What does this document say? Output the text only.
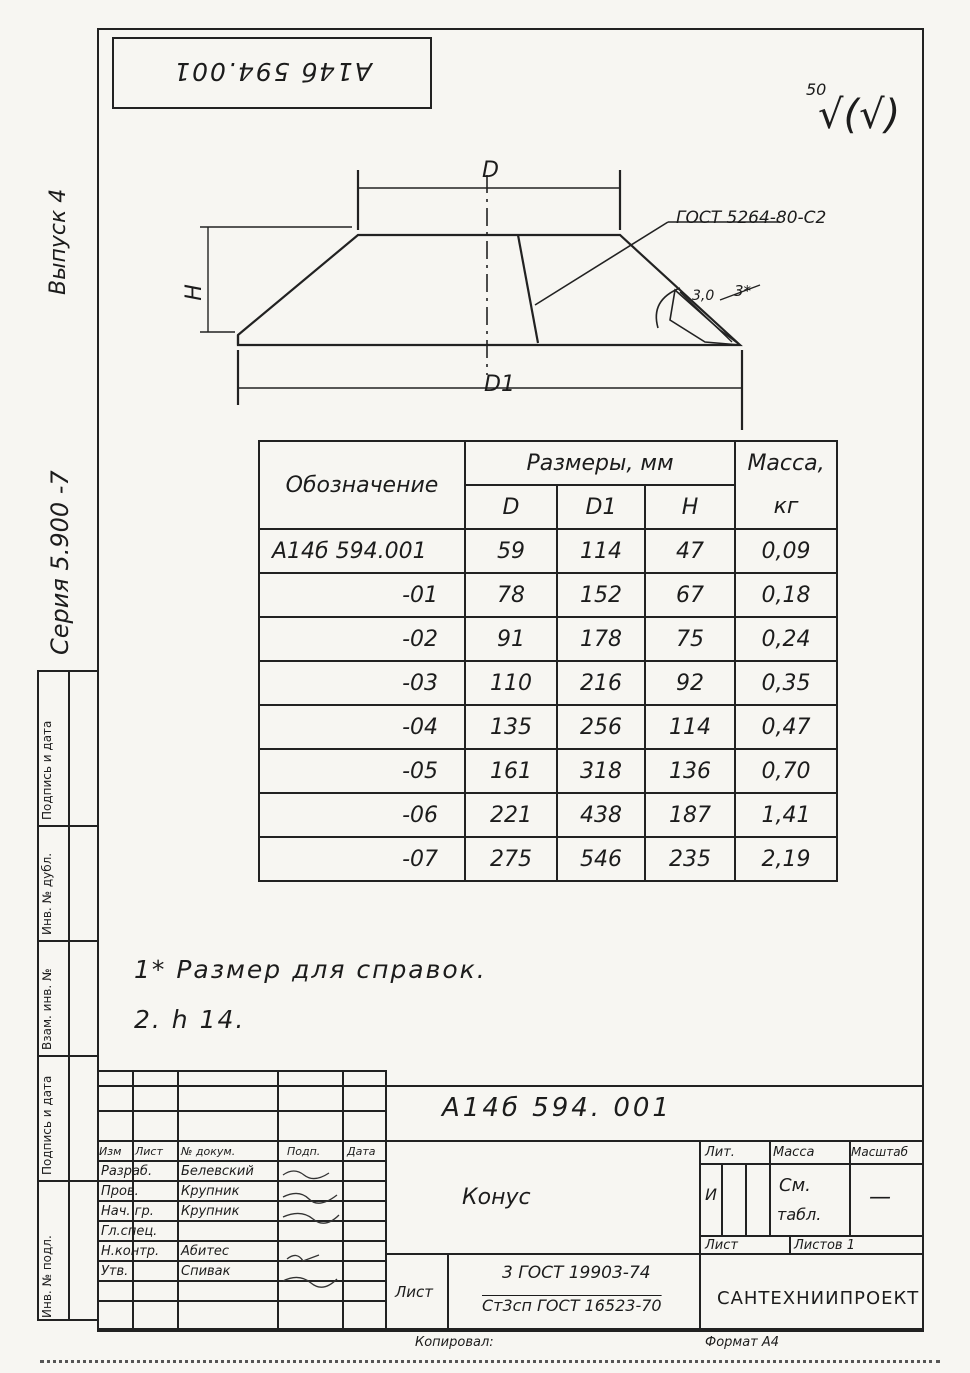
А14б 594.001
50
√(√)
Выпуск 4
Серия 5.900 -7
Инв. № подл.
Подпись и дата
Взам. инв. №
Инв. № дубл.
Подпись и дата
D
D1
H
ГОСТ 5264-80-С2
3,0 3*
Обозначение	Размеры, мм			Масса,
	D	D1	H	кг
А14б 594.001	59	114	47	0,09
-01	78	152	67	0,18
-02	91	178	75	0,24
-03	110	216	92	0,35
-04	135	256	114	0,47
-05	161	318	136	0,70
-06	221	438	187	1,41
-07	275	546	235	2,19
1* Размер для справок.
2. h 14.
Изм Лист № докум.	Подп. Дата
Разраб. Белевский
Пров.	Крупник
Нач. гр. Крупник
Гл.спец.
Н.контр. Абитес
Утв.	Спивак
А14б 594. 001
Конус
Лит.	Масса	Масштаб
И	См.
табл.
—
Лист	Листов 1
Лист
3 ГОСТ 19903-74
Ст3сп ГОСТ 16523-70	САНТЕХНИИПРОЕКТ
Копировал:	Формат А4
